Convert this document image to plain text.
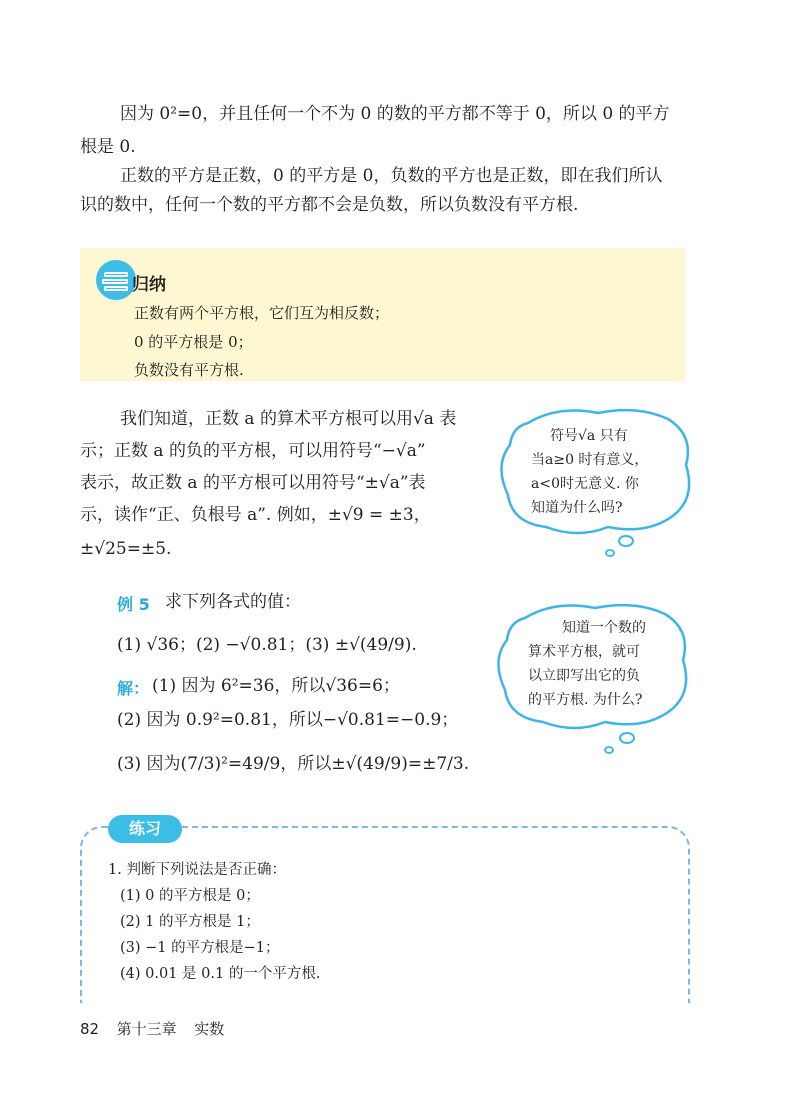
因为 0²=0，并且任何一个不为 0 的数的平方都不等于 0，所以 0 的平方
根是 0.
正数的平方是正数，0 的平方是 0，负数的平方也是正数，即在我们所认
识的数中，任何一个数的平方都不会是负数，所以负数没有平方根.
归纳
正数有两个平方根，它们互为相反数；
0 的平方根是 0；
负数没有平方根.
我们知道，正数 a 的算术平方根可以用√a 表
示；正数 a 的负的平方根，可以用符号“−√a”
表示，故正数 a 的平方根可以用符号“±√a”表
示，读作“正、负根号 a”. 例如，±√9 = ±3，
±√25=±5.
符号√a 只有
当a≥0 时有意义，
a<0时无意义. 你
知道为什么吗?
知道一个数的
算术平方根，就可
以立即写出它的负
的平方根. 为什么?
例 5 求下列各式的值：
(1) √36；(2) −√0.81；(3) ±√(49/9).
解： (1) 因为 6²=36，所以√36=6；
(2) 因为 0.9²=0.81，所以−√0.81=−0.9；
(3) 因为(7/3)²=49/9，所以±√(49/9)=±7/3.
练习
1. 判断下列说法是否正确：
(1) 0 的平方根是 0；
(2) 1 的平方根是 1；
(3) −1 的平方根是−1；
(4) 0.01 是 0.1 的一个平方根.
82 第十三章 实数
